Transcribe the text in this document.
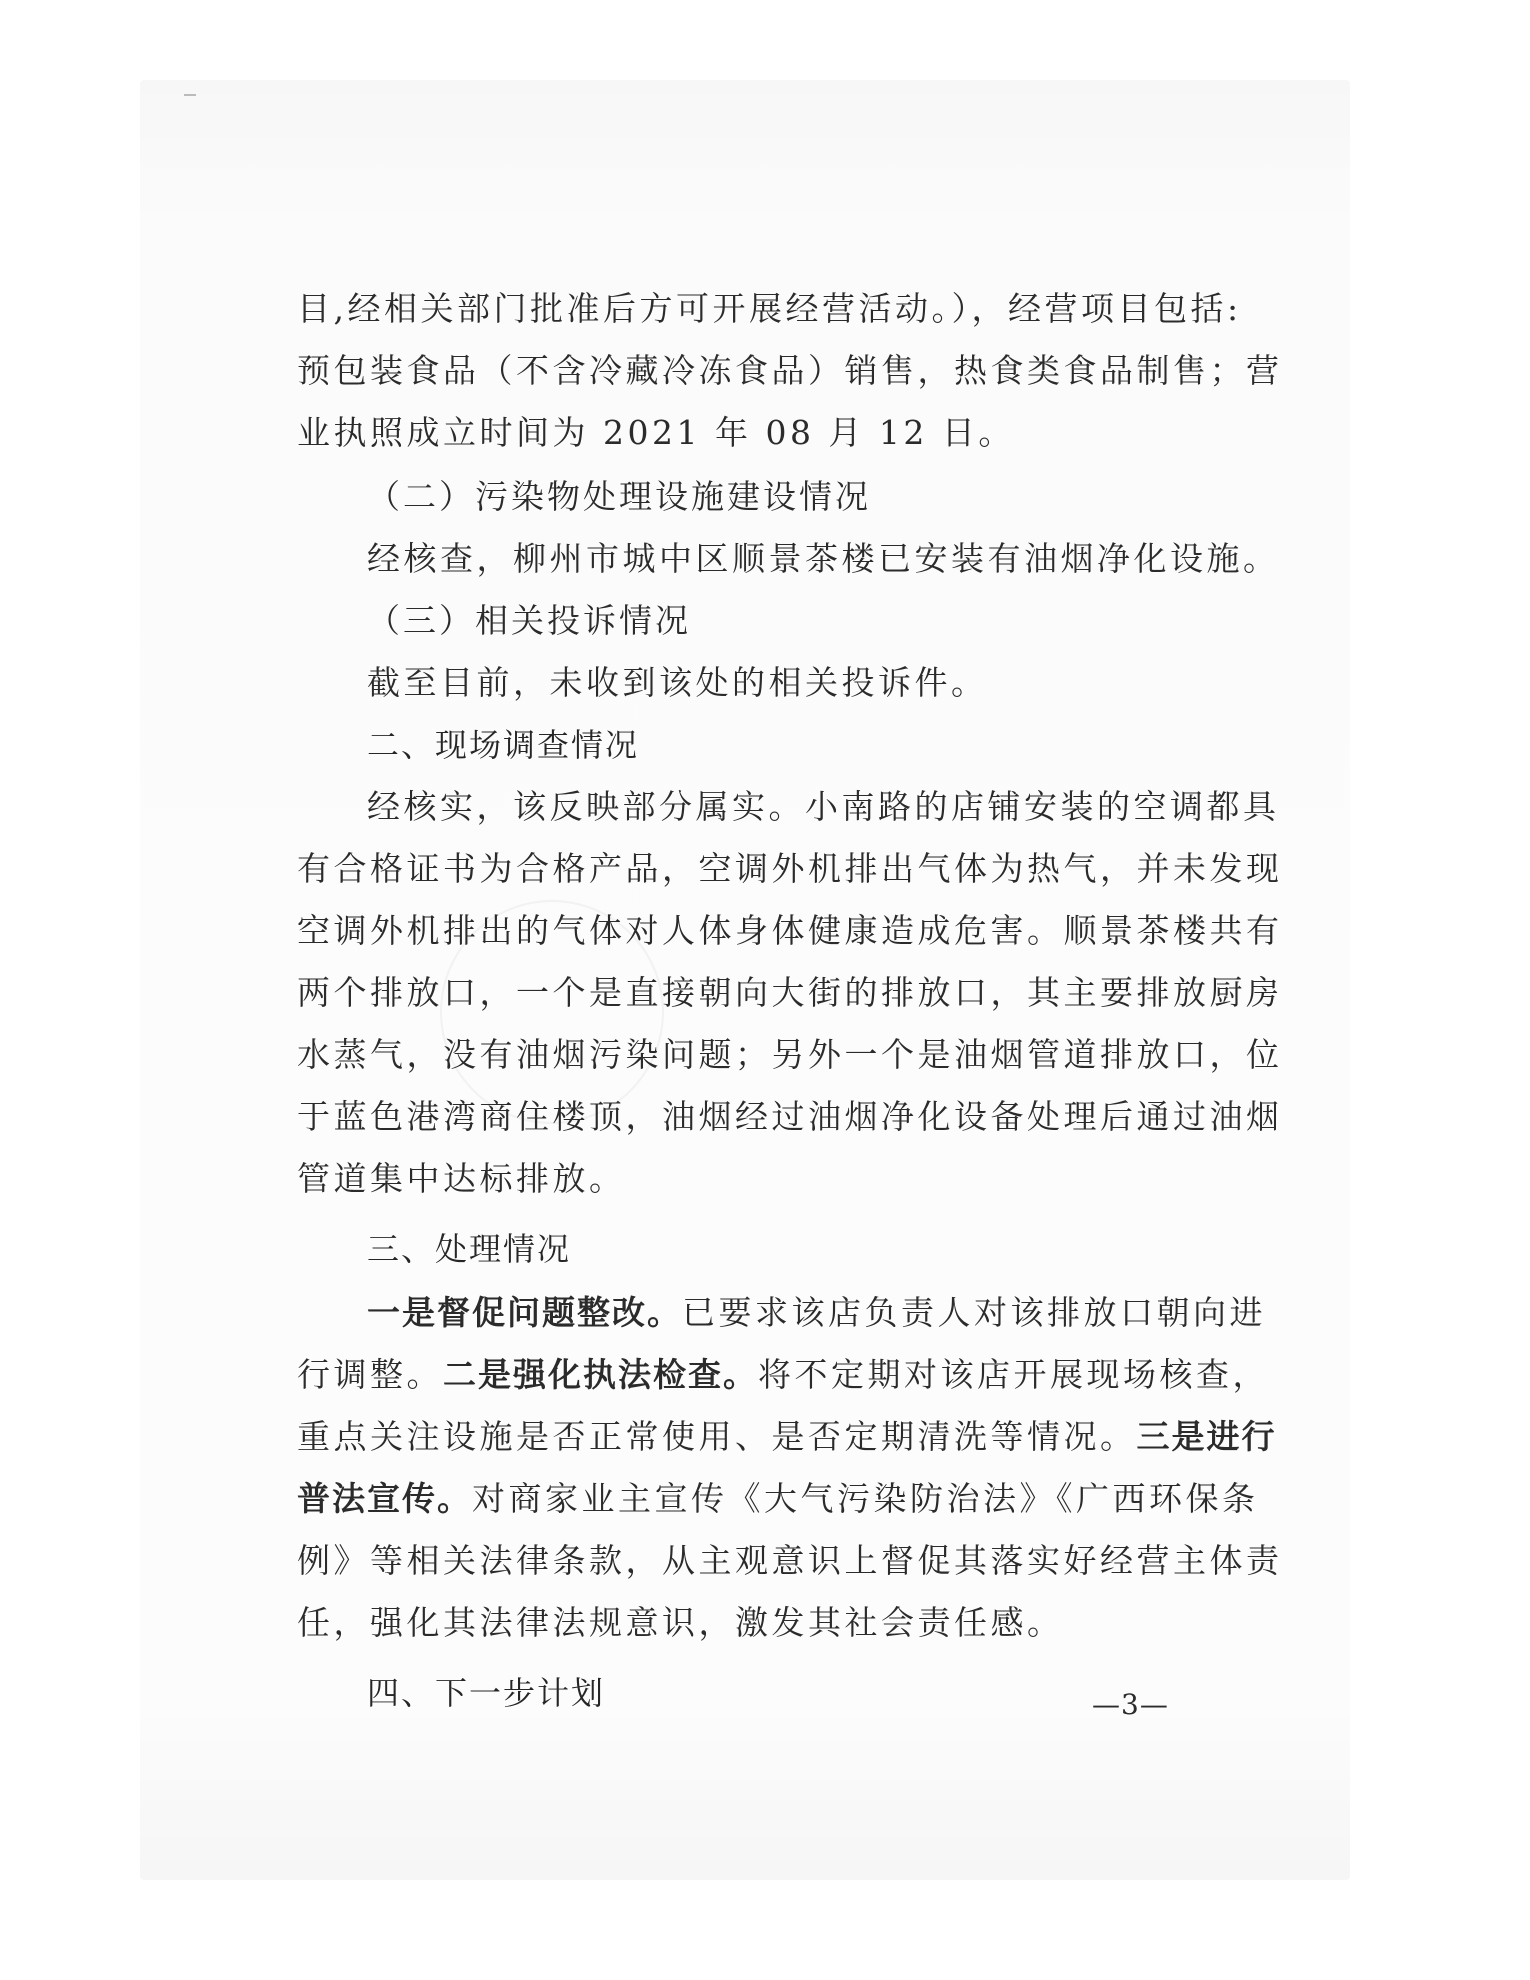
目,经相关部门批准后方可开展经营活动。），经营项目包括:
预包装食品（不含冷藏冷冻食品）销售，热食类食品制售；营
业执照成立时间为 2021 年 08 月 12 日。
（二）污染物处理设施建设情况
经核查，柳州市城中区顺景茶楼已安装有油烟净化设施。
（三）相关投诉情况
截至目前，未收到该处的相关投诉件。
二、现场调查情况
经核实，该反映部分属实。小南路的店铺安装的空调都具
有合格证书为合格产品，空调外机排出气体为热气，并未发现
空调外机排出的气体对人体身体健康造成危害。顺景茶楼共有
两个排放口，一个是直接朝向大街的排放口，其主要排放厨房
水蒸气，没有油烟污染问题；另外一个是油烟管道排放口，位
于蓝色港湾商住楼顶，油烟经过油烟净化设备处理后通过油烟
管道集中达标排放。
三、处理情况
一是督促问题整改。已要求该店负责人对该排放口朝向进
行调整。二是强化执法检查。将不定期对该店开展现场核查，
重点关注设施是否正常使用、是否定期清洗等情况。三是进行
普法宣传。对商家业主宣传《大气污染防治法》《广西环保条
例》等相关法律条款，从主观意识上督促其落实好经营主体责
任，强化其法律法规意识，激发其社会责任感。
四、下一步计划	—3—
